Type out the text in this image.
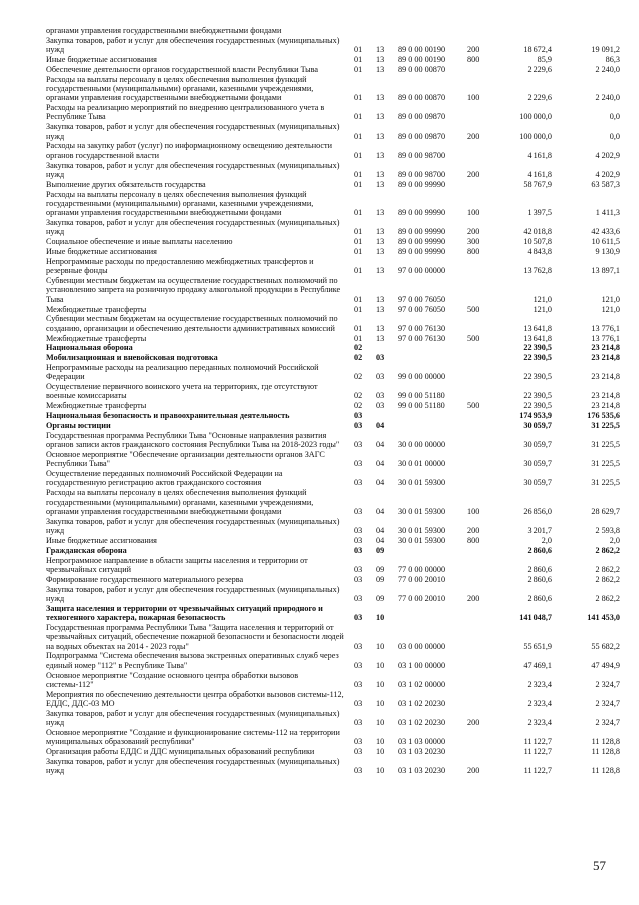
органами управления государственными внебюджетными фондами
Закупка товаров, работ и услуг для обеспечения государственных (муниципальных) нужд	01	13	89 0 00 00190	200	18 672,4	19 091,2
Иные бюджетные ассигнования	01	13	89 0 00 00190	800	85,9	86,3
Обеспечение деятельности органов государственной власти Республики Тыва	01	13	89 0 00 00870	2 229,6	2 240,0
Расходы на выплаты персоналу в целях обеспечения выполнения функций государственными (муниципальными) органами, казенными учреждениями, органами управления государственными внебюджетными фондами	01	13	89 0 00 00870	100	2 229,6	2 240,0
Расходы на реализацию мероприятий по внедрению централизованного учета в Республике Тыва	01	13	89 0 00 09870	100 000,0	0,0
Закупка товаров, работ и услуг для обеспечения государственных (муниципальных) нужд	01	13	89 0 00 09870	200	100 000,0	0,0
Расходы на закупку работ (услуг) по информационному освещению деятельности органов государственной власти	01	13	89 0 00 98700	4 161,8	4 202,9
Закупка товаров, работ и услуг для обеспечения государственных (муниципальных) нужд	01	13	89 0 00 98700	200	4 161,8	4 202,9
Выполнение других обязательств государства	01	13	89 0 00 99990	58 767,9	63 587,3
Расходы на выплаты персоналу в целях обеспечения выполнения функций государственными (муниципальными) органами, казенными учреждениями, органами управления государственными внебюджетными фондами	01	13	89 0 00 99990	100	1 397,5	1 411,3
Закупка товаров, работ и услуг для обеспечения государственных (муниципальных) нужд	01	13	89 0 00 99990	200	42 018,8	42 433,6
Социальное обеспечение и иные выплаты населению	01	13	89 0 00 99990	300	10 507,8	10 611,5
Иные бюджетные ассигнования	01	13	89 0 00 99990	800	4 843,8	9 130,9
Непрограммные расходы по предоставлению межбюджетных трансфертов и резервные фонды	01	13	97 0 00 00000	13 762,8	13 897,1
Субвенции местным бюджетам на осуществление государственных полномочий по установлению запрета на розничную продажу алкогольной продукции в Республике Тыва	01	13	97 0 00 76050	121,0	121,0
Межбюджетные трансферты	01	13	97 0 00 76050	500	121,0	121,0
Субвенции местным бюджетам на осуществление государственных полномочий по созданию, организации и обеспечению деятельности административных комиссий	01	13	97 0 00 76130	13 641,8	13 776,1
Межбюджетные трансферты	01	13	97 0 00 76130	500	13 641,8	13 776,1
Национальная оборона	02	22 390,5	23 214,8
Мобилизационная и вневойсковая подготовка	02	03	22 390,5	23 214,8
Непрограммные расходы на реализацию переданных полномочий Российской Федерации	02	03	99 0 00 00000	22 390,5	23 214,8
Осуществление первичного воинского учета на территориях, где отсутствуют военные комиссариаты	02	03	99 0 00 51180	22 390,5	23 214,8
Межбюджетные трансферты	02	03	99 0 00 51180	500	22 390,5	23 214,8
Национальная безопасность и правоохранительная деятельность	03	174 953,9	176 535,6
Органы юстиции	03	04	30 059,7	31 225,5
Государственная программа Республики Тыва "Основные направления развития органов записи актов гражданского состояния Республики Тыва на 2018-2023 годы"	03	04	30 0 00 00000	30 059,7	31 225,5
Основное мероприятие "Обеспечение организации деятельности органов ЗАГС Республики Тыва"	03	04	30 0 01 00000	30 059,7	31 225,5
Осуществление переданных полномочий Российской Федерации на государственную регистрацию актов гражданского состояния	03	04	30 0 01 59300	30 059,7	31 225,5
Расходы на выплаты персоналу в целях обеспечения выполнения функций государственными (муниципальными) органами, казенными учреждениями, органами управления государственными внебюджетными фондами	03	04	30 0 01 59300	100	26 856,0	28 629,7
Закупка товаров, работ и услуг для обеспечения государственных (муниципальных) нужд	03	04	30 0 01 59300	200	3 201,7	2 593,8
Иные бюджетные ассигнования	03	04	30 0 01 59300	800	2,0	2,0
Гражданская оборона	03	09	2 860,6	2 862,2
Непрограммное направление в области защиты населения и территории от чрезвычайных ситуаций	03	09	77 0 00 00000	2 860,6	2 862,2
Формирование государственного материального резерва	03	09	77 0 00 20010	2 860,6	2 862,2
Закупка товаров, работ и услуг для обеспечения государственных (муниципальных) нужд	03	09	77 0 00 20010	200	2 860,6	2 862,2
Защита населения и территории от чрезвычайных ситуаций природного и техногенного характера, пожарная безопасность	03	10	141 048,7	141 453,0
Государственная программа Республики Тыва "Защита населения и территорий от чрезвычайных ситуаций, обеспечение пожарной безопасности и безопасности людей на водных объектах на 2014 - 2023 годы"	03	10	03 0 00 00000	55 651,9	55 682,2
Подпрограмма "Система обеспечения вызова экстренных оперативных служб через единый номер "112" в Республике Тыва"	03	10	03 1 00 00000	47 469,1	47 494,9
Основное мероприятие "Создание основного центра обработки вызовов системы-112"	03	10	03 1 02 00000	2 323,4	2 324,7
Мероприятия по обеспечению деятельности центра обработки вызовов системы-112, ЕДДС, ДДС-03 МО	03	10	03 1 02 20230	2 323,4	2 324,7
Закупка товаров, работ и услуг для обеспечения государственных (муниципальных) нужд	03	10	03 1 02 20230	200	2 323,4	2 324,7
Основное мероприятие "Создание и функционирование системы-112 на территории муниципальных образований республики"	03	10	03 1 03 00000	11 122,7	11 128,8
Организация работы ЕДДС и ДДС муниципальных образований республики	03	10	03 1 03 20230	11 122,7	11 128,8
Закупка товаров, работ и услуг для обеспечения государственных (муниципальных) нужд	03	10	03 1 03 20230	200	11 122,7	11 128,8
57
